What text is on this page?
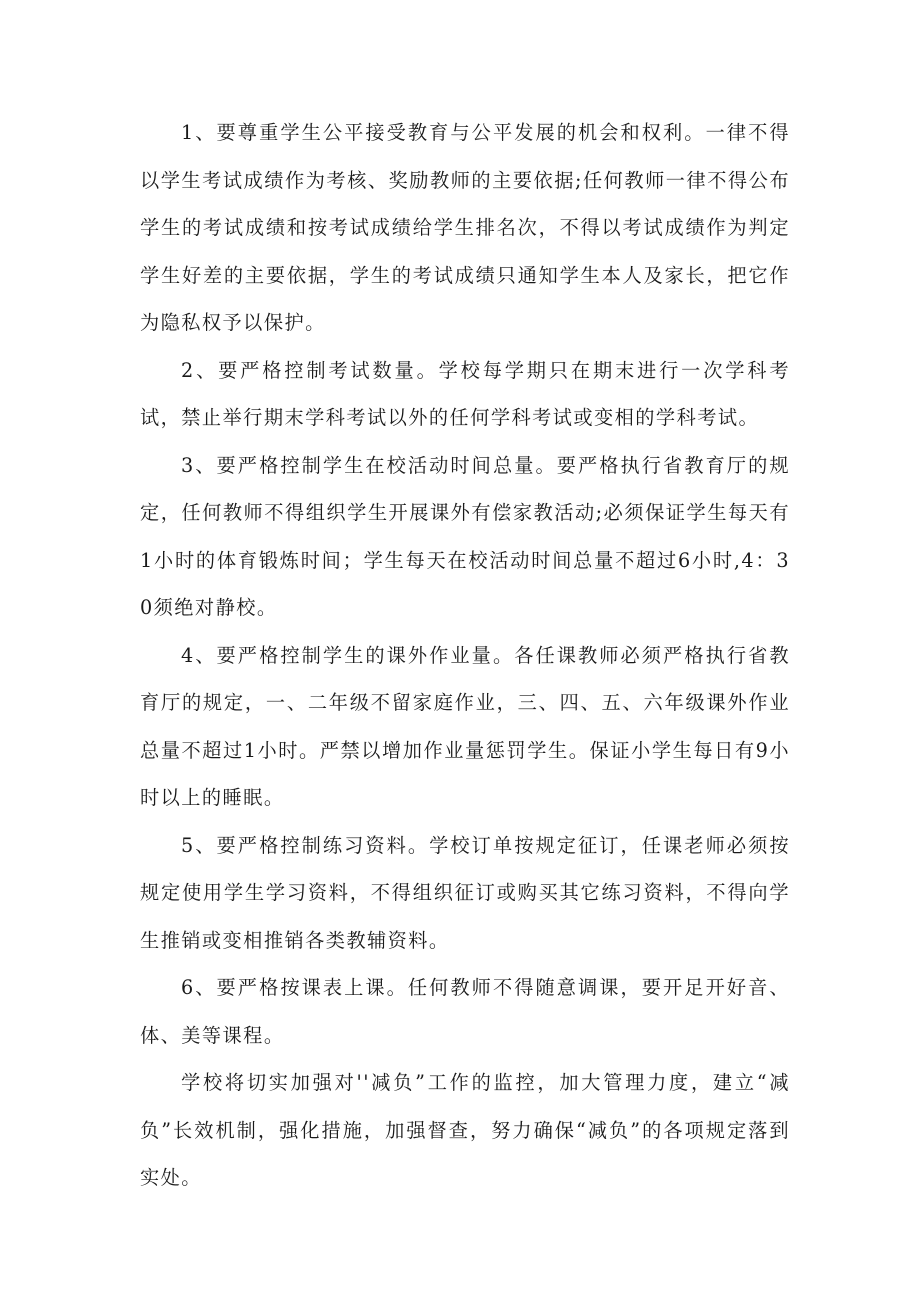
1、要尊重学生公平接受教育与公平发展的机会和权利。一律不得以学生考试成绩作为考核、奖励教师的主要依据;任何教师一律不得公布学生的考试成绩和按考试成绩给学生排名次，不得以考试成绩作为判定学生好差的主要依据，学生的考试成绩只通知学生本人及家长，把它作为隐私权予以保护。

2、要严格控制考试数量。学校每学期只在期末进行一次学科考试，禁止举行期末学科考试以外的任何学科考试或变相的学科考试。

3、要严格控制学生在校活动时间总量。要严格执行省教育厅的规定，任何教师不得组织学生开展课外有偿家教活动;必须保证学生每天有1小时的体育锻炼时间；学生每天在校活动时间总量不超过6小时,4：30须绝对静校。

4、要严格控制学生的课外作业量。各任课教师必须严格执行省教育厅的规定，一、二年级不留家庭作业，三、四、五、六年级课外作业总量不超过1小时。严禁以增加作业量惩罚学生。保证小学生每日有9小时以上的睡眠。

5、要严格控制练习资料。学校订单按规定征订，任课老师必须按规定使用学生学习资料，不得组织征订或购买其它练习资料，不得向学生推销或变相推销各类教辅资料。

6、要严格按课表上课。任何教师不得随意调课，要开足开好音、体、美等课程。

学校将切实加强对''减负”工作的监控，加大管理力度，建立“减负”长效机制，强化措施，加强督查，努力确保“减负”的各项规定落到实处。
